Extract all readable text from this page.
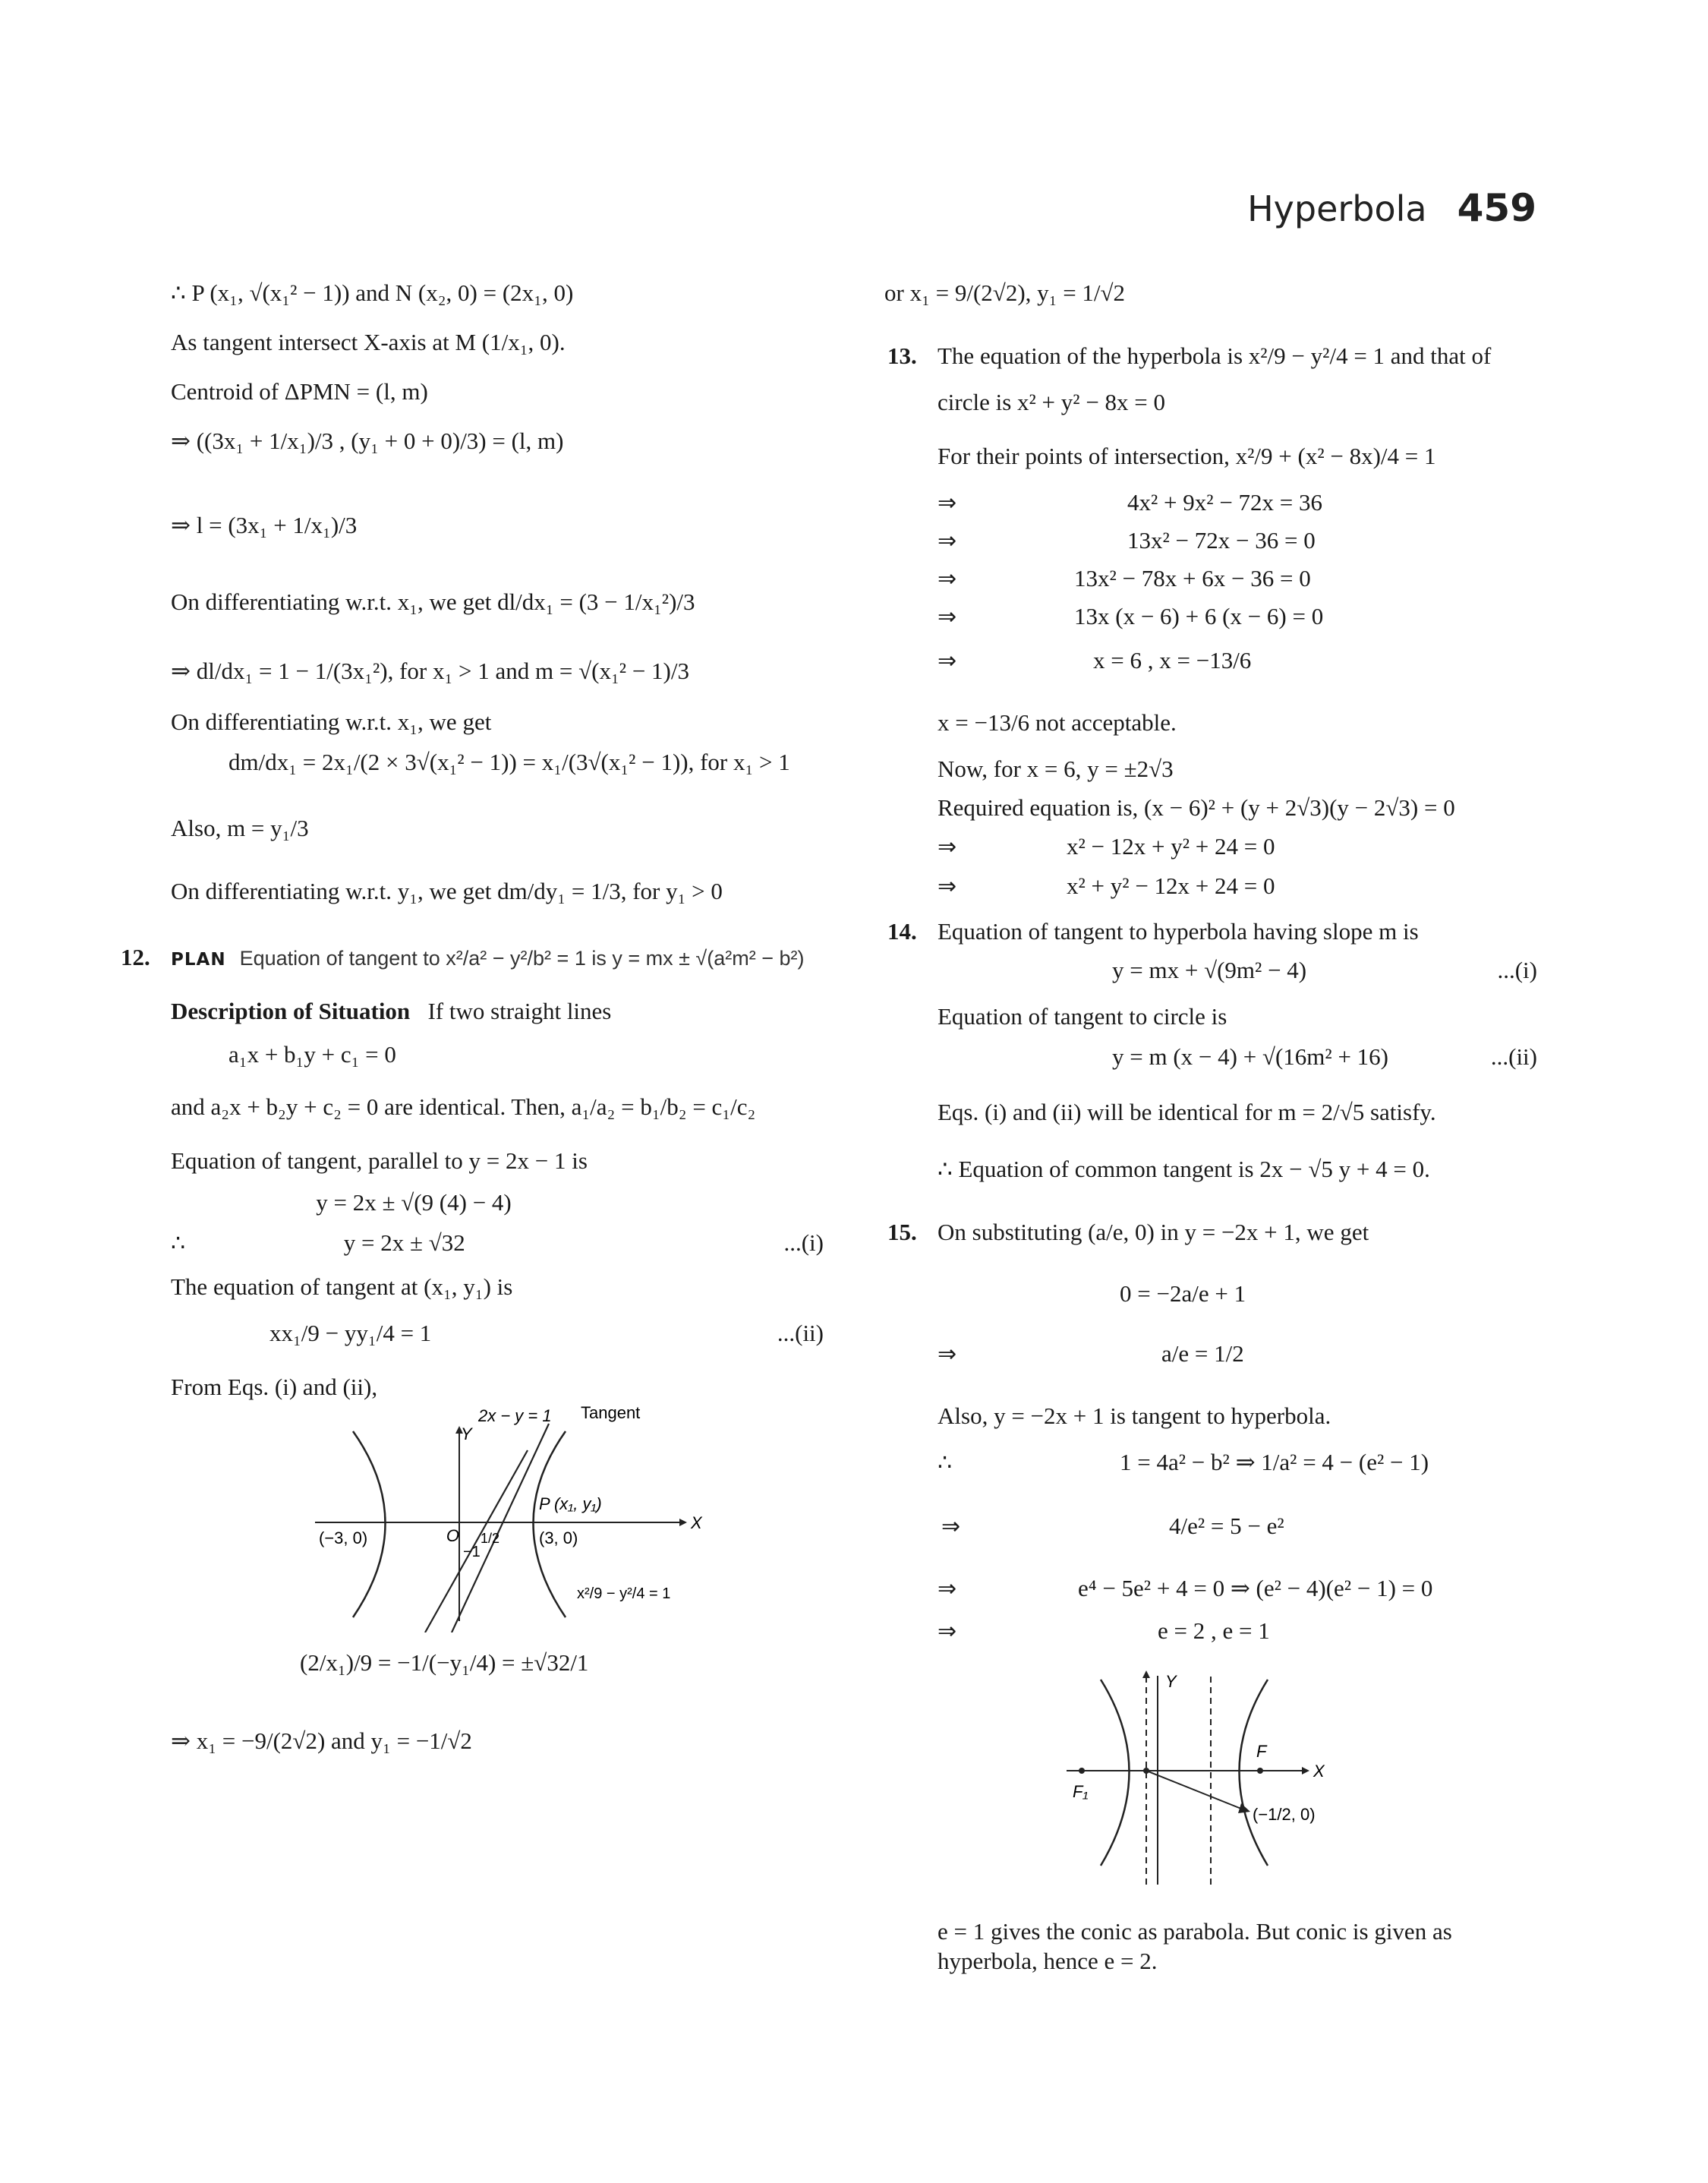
Hyperbola 459
∴ P (x₁, √(x₁² − 1)) and N (x₂, 0) = (2x₁, 0)
As tangent intersect X-axis at M (1/x₁, 0).
Centroid of ΔPMN = (l, m)
⇒ ((3x₁ + 1/x₁)/3 , (y₁ + 0 + 0)/3) = (l, m)
⇒ l = (3x₁ + 1/x₁)/3
On differentiating w.r.t. x₁, we get dl/dx₁ = (3 − 1/x₁²)/3
⇒ dl/dx₁ = 1 − 1/(3x₁²), for x₁ > 1 and m = √(x₁² − 1)/3
On differentiating w.r.t. x₁, we get
dm/dx₁ = 2x₁/(2 × 3√(x₁² − 1)) = x₁/(3√(x₁² − 1)), for x₁ > 1
Also, m = y₁/3
On differentiating w.r.t. y₁, we get dm/dy₁ = 1/3, for y₁ > 0
12. PLAN Equation of tangent to x²/a² − y²/b² = 1 is y = mx ± √(a²m² − b²)
Description of Situation If two straight lines
a₁x + b₁y + c₁ = 0
and a₂x + b₂y + c₂ = 0 are identical. Then, a₁/a₂ = b₁/b₂ = c₁/c₂
Equation of tangent, parallel to y = 2x − 1 is
y = 2x ± √(9 (4) − 4)
∴	y = 2x ± √32	...(i)
The equation of tangent at (x₁, y₁) is
xx₁/9 − yy₁/4 = 1	...(ii)
From Eqs. (i) and (ii),
O
Y
X
−1
1/2
(−3, 0)	(3, 0)
P (x₁, y₁)
2x − y = 1 Tangent
x²/9 − y²/4 = 1
(2/x₁)/9 = −1/(−y₁/4) = ±√32/1
⇒ x₁ = −9/(2√2) and y₁ = −1/√2
or x₁ = 9/(2√2), y₁ = 1/√2
13. The equation of the hyperbola is x²/9 − y²/4 = 1 and that of
circle is x² + y² − 8x = 0
For their points of intersection, x²/9 + (x² − 8x)/4 = 1
⇒	4x² + 9x² − 72x = 36
⇒	13x² − 72x − 36 = 0
⇒	13x² − 78x + 6x − 36 = 0
⇒	13x (x − 6) + 6 (x − 6) = 0
⇒	x = 6 , x = −13/6
x = −13/6 not acceptable.
Now, for x = 6, y = ±2√3
Required equation is, (x − 6)² + (y + 2√3)(y − 2√3) = 0
⇒	x² − 12x + y² + 24 = 0
⇒	x² + y² − 12x + 24 = 0
14. Equation of tangent to hyperbola having slope m is
y = mx + √(9m² − 4)	...(i)
Equation of tangent to circle is
y = m (x − 4) + √(16m² + 16)	...(ii)
Eqs. (i) and (ii) will be identical for m = 2/√5 satisfy.
∴ Equation of common tangent is 2x − √5 y + 4 = 0.
15. On substituting (a/e, 0) in y = −2x + 1, we get
0 = −2a/e + 1
⇒	a/e = 1/2
Also, y = −2x + 1 is tangent to hyperbola.
∴	1 = 4a² − b² ⇒ 1/a² = 4 − (e² − 1)
⇒	4/e² = 5 − e²
⇒	e⁴ − 5e² + 4 = 0 ⇒ (e² − 4)(e² − 1) = 0
⇒	e = 2 , e = 1
Y
X
F₁
F
(−1/2, 0)
e = 1 gives the conic as parabola. But conic is given as
hyperbola, hence e = 2.
